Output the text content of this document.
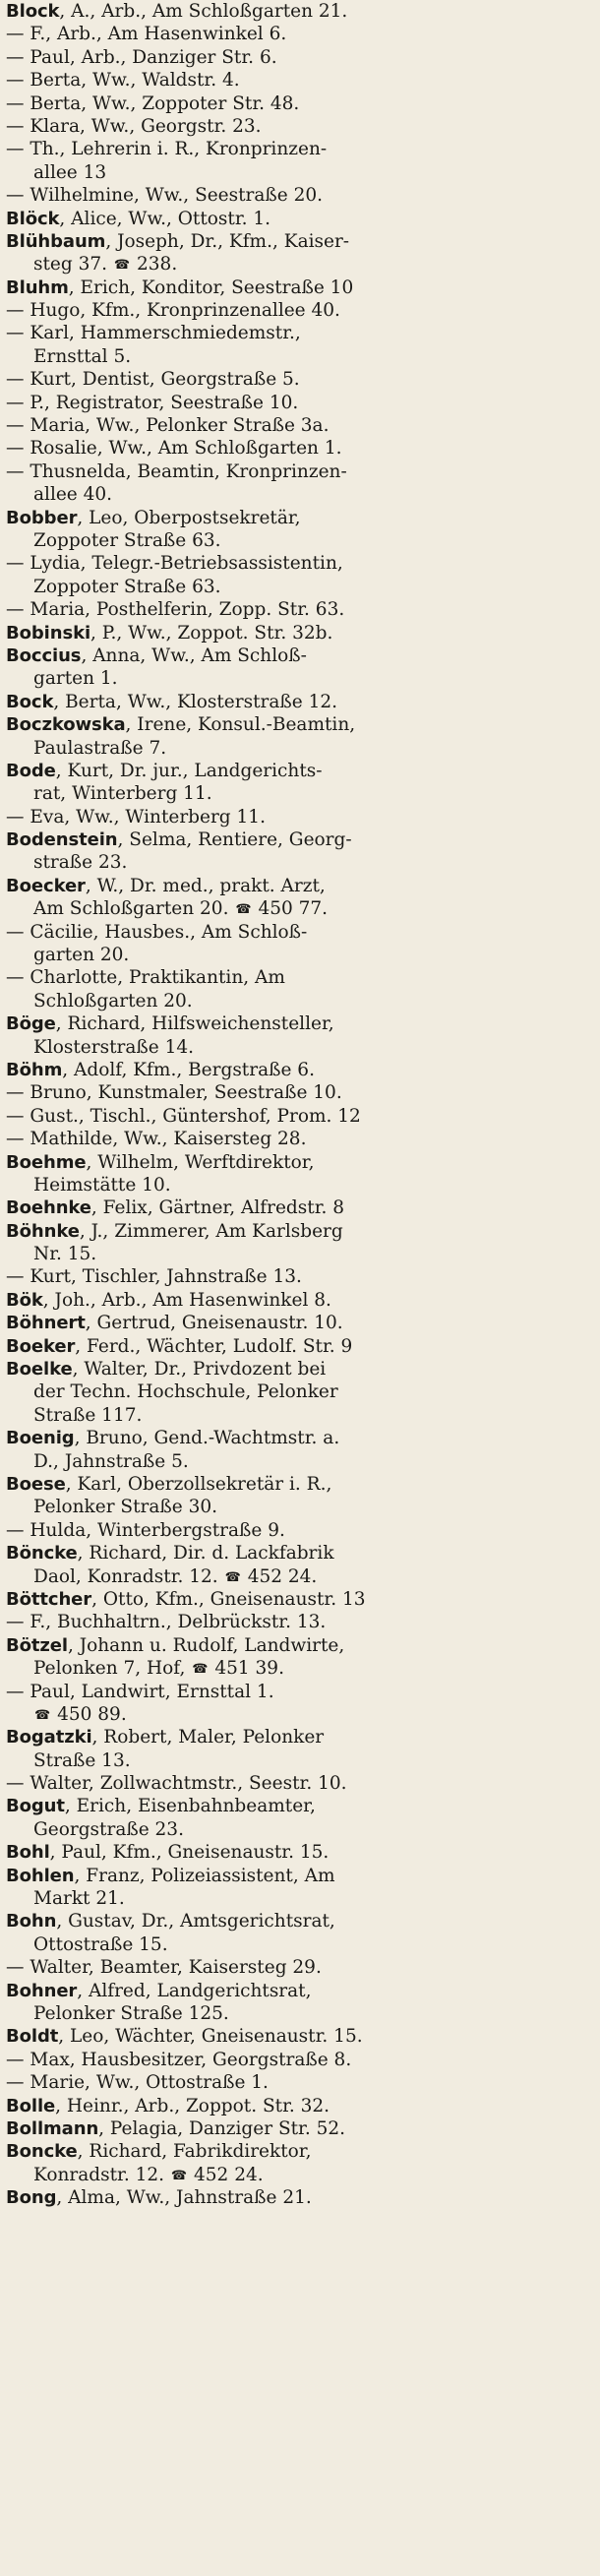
Block, A., Arb., Am Schloßgarten 21.
— F., Arb., Am Hasenwinkel 6.
— Paul, Arb., Danziger Str. 6.
— Berta, Ww., Waldstr. 4.
— Berta, Ww., Zoppoter Str. 48.
— Klara, Ww., Georgstr. 23.
— Th., Lehrerin i. R., Kronprinzen-
allee 13
— Wilhelmine, Ww., Seestraße 20.
Blöck, Alice, Ww., Ottostr. 1.
Blühbaum, Joseph, Dr., Kfm., Kaiser-
steg 37. ☎ 238.
Bluhm, Erich, Konditor, Seestraße 10
— Hugo, Kfm., Kronprinzenallee 40.
— Karl, Hammerschmiedemstr.,
Ernsttal 5.
— Kurt, Dentist, Georgstraße 5.
— P., Registrator, Seestraße 10.
— Maria, Ww., Pelonker Straße 3a.
— Rosalie, Ww., Am Schloßgarten 1.
— Thusnelda, Beamtin, Kronprinzen-
allee 40.
Bobber, Leo, Oberpostsekretär,
Zoppoter Straße 63.
— Lydia, Telegr.-Betriebsassistentin,
Zoppoter Straße 63.
— Maria, Posthelferin, Zopp. Str. 63.
Bobinski, P., Ww., Zoppot. Str. 32b.
Boccius, Anna, Ww., Am Schloß-
garten 1.
Bock, Berta, Ww., Klosterstraße 12.
Boczkowska, Irene, Konsul.-Beamtin,
Paulastraße 7.
Bode, Kurt, Dr. jur., Landgerichts-
rat, Winterberg 11.
— Eva, Ww., Winterberg 11.
Bodenstein, Selma, Rentiere, Georg-
straße 23.
Boecker, W., Dr. med., prakt. Arzt,
Am Schloßgarten 20. ☎ 450 77.
— Cäcilie, Hausbes., Am Schloß-
garten 20.
— Charlotte, Praktikantin, Am
Schloßgarten 20.
Böge, Richard, Hilfsweichensteller,
Klosterstraße 14.
Böhm, Adolf, Kfm., Bergstraße 6.
— Bruno, Kunstmaler, Seestraße 10.
— Gust., Tischl., Güntershof, Prom. 12
— Mathilde, Ww., Kaisersteg 28.
Boehme, Wilhelm, Werftdirektor,
Heimstätte 10.
Boehnke, Felix, Gärtner, Alfredstr. 8
Böhnke, J., Zimmerer, Am Karlsberg
Nr. 15.
— Kurt, Tischler, Jahnstraße 13.
Bök, Joh., Arb., Am Hasenwinkel 8.
Böhnert, Gertrud, Gneisenaustr. 10.
Boeker, Ferd., Wächter, Ludolf. Str. 9
Boelke, Walter, Dr., Privdozent bei
der Techn. Hochschule, Pelonker
Straße 117.
Boenig, Bruno, Gend.-Wachtmstr. a.
D., Jahnstraße 5.
Boese, Karl, Oberzollsekretär i. R.,
Pelonker Straße 30.
— Hulda, Winterbergstraße 9.
Böncke, Richard, Dir. d. Lackfabrik
Daol, Konradstr. 12. ☎ 452 24.
Böttcher, Otto, Kfm., Gneisenaustr. 13
— F., Buchhaltrn., Delbrückstr. 13.
Bötzel, Johann u. Rudolf, Landwirte,
Pelonken 7, Hof, ☎ 451 39.
— Paul, Landwirt, Ernsttal 1.
☎ 450 89.
Bogatzki, Robert, Maler, Pelonker
Straße 13.
— Walter, Zollwachtmstr., Seestr. 10.
Bogut, Erich, Eisenbahnbeamter,
Georgstraße 23.
Bohl, Paul, Kfm., Gneisenaustr. 15.
Bohlen, Franz, Polizeiassistent, Am
Markt 21.
Bohn, Gustav, Dr., Amtsgerichtsrat,
Ottostraße 15.
— Walter, Beamter, Kaisersteg 29.
Bohner, Alfred, Landgerichtsrat,
Pelonker Straße 125.
Boldt, Leo, Wächter, Gneisenaustr. 15.
— Max, Hausbesitzer, Georgstraße 8.
— Marie, Ww., Ottostraße 1.
Bolle, Heinr., Arb., Zoppot. Str. 32.
Bollmann, Pelagia, Danziger Str. 52.
Boncke, Richard, Fabrikdirektor,
Konradstr. 12. ☎ 452 24.
Bong, Alma, Ww., Jahnstraße 21.
